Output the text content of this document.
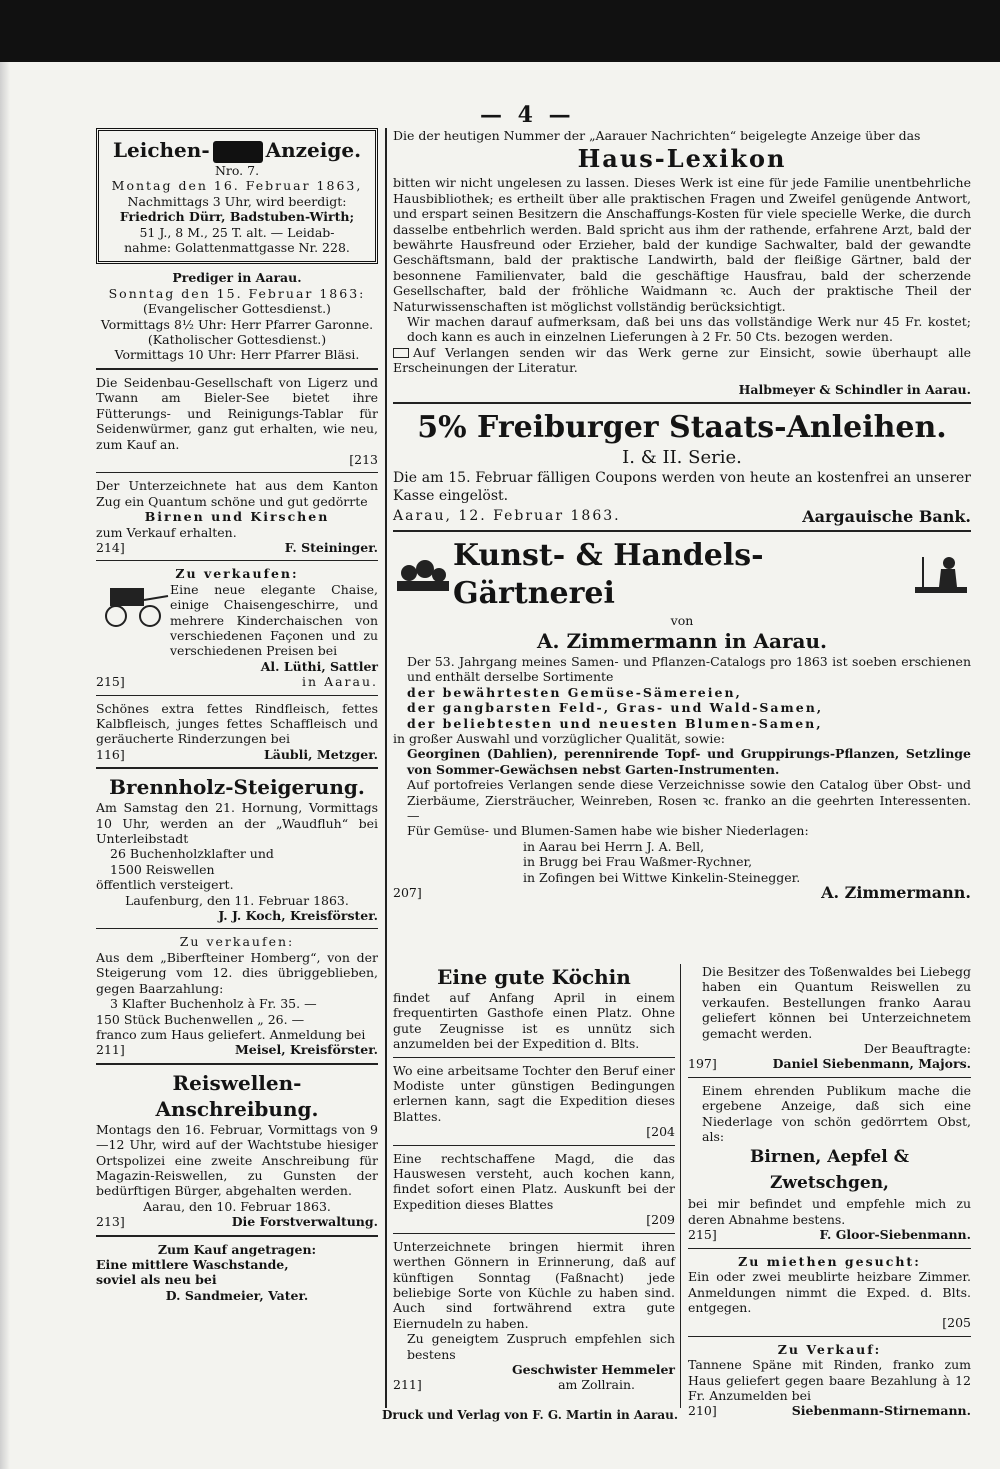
— 4 —

Leichen-	Anzeige.

Nro. 7.

Montag den 16. Februar 1863,

Nachmittags 3 Uhr, wird beerdigt:

Friedrich Dürr, Badstuben-Wirth;

51 J., 8 M., 25 T. alt. — Leidab-

nahme: Golattenmattgasse Nr. 228.

Prediger in Aarau.

Sonntag den 15. Februar 1863:

(Evangelischer Gottesdienst.)

Vormittags 8½ Uhr: Herr Pfarrer Garonne.

(Katholischer Gottesdienst.)

Vormittags 10 Uhr: Herr Pfarrer Bläsi.

Die Seidenbau-Gesellschaft von Ligerz und Twann am Bieler-See bietet ihre Fütterungs- und Reinigungs-Tablar für Seidenwürmer, ganz gut erhalten, wie neu, zum Kauf an.

[213

Der Unterzeichnete hat aus dem Kanton Zug ein Quantum schöne und gut gedörrte

Birnen und Kirschen

zum Verkauf erhalten.

214]	F. Steininger.

Zu verkaufen:

Eine neue elegante Chaise, einige Chaisengeschirre, und mehrere Kinderchaischen von verschiedenen Façonen und zu verschiedenen Preisen bei

Al. Lüthi, Sattler

215]	in Aarau.

Schönes extra fettes Rindfleisch, fettes Kalbfleisch, junges fettes Schaffleisch und geräucherte Rinderzungen bei

116]	Läubli, Metzger.

Brennholz-Steigerung.

Am Samstag den 21. Hornung, Vormittags 10 Uhr, werden an der „Waudfluh“ bei Unterleibstadt

26 Buchenholzklafter und

1500 Reiswellen

öffentlich versteigert.

Laufenburg, den 11. Februar 1863.

J. J. Koch, Kreisförster.

Zu verkaufen:

Aus dem „Biberfteiner Homberg“, von der Steigerung vom 12. dies übriggeblieben, gegen Baarzahlung:

3 Klafter Buchenholz à Fr. 35. —

150 Stück Buchenwellen „ 26. —

franco zum Haus geliefert. Anmeldung bei

211]	Meisel, Kreisförster.

Reiswellen-Anschreibung.

Montags den 16. Februar, Vormittags von 9—12 Uhr, wird auf der Wachtstube hiesiger Ortspolizei eine zweite Anschreibung für Magazin-Reiswellen, zu Gunsten der bedürftigen Bürger, abgehalten werden.

Aarau, den 10. Februar 1863.

213]	Die Forstverwaltung.

Zum Kauf angetragen:

Eine mittlere Waschstande,

soviel als neu bei

D. Sandmeier, Vater.

Die der heutigen Nummer der „Aarauer Nachrichten“ beigelegte Anzeige über das

Haus-Lexikon

bitten wir nicht ungelesen zu lassen. Dieses Werk ist eine für jede Familie unentbehrliche Hausbibliothek; es ertheilt über alle praktischen Fragen und Zweifel genügende Antwort, und erspart seinen Besitzern die Anschaffungs-Kosten für viele specielle Werke, die durch dasselbe entbehrlich werden. Bald spricht aus ihm der rathende, erfahrene Arzt, bald der bewährte Hausfreund oder Erzieher, bald der kundige Sachwalter, bald der gewandte Geschäftsmann, bald der praktische Landwirth, bald der fleißige Gärtner, bald der besonnene Familienvater, bald die geschäftige Hausfrau, bald der scherzende Gesellschafter, bald der fröhliche Waidmann ꝛc. Auch der praktische Theil der Naturwissenschaften ist möglichst vollständig berücksichtigt.

Wir machen darauf aufmerksam, daß bei uns das vollständige Werk nur 45 Fr. kostet; doch kann es auch in einzelnen Lieferungen à 2 Fr. 50 Cts. bezogen werden.

Auf Verlangen senden wir das Werk gerne zur Einsicht, sowie überhaupt alle Erscheinungen der Literatur.

Halbmeyer & Schindler in Aarau.

5% Freiburger Staats-Anleihen.

I. & II. Serie.

Die am 15. Februar fälligen Coupons werden von heute an kostenfrei an unserer Kasse eingelöst.

Aarau, 12. Februar 1863.	Aargauische Bank.

Kunst- & Handels-Gärtnerei

von

A. Zimmermann in Aarau.

Der 53. Jahrgang meines Samen- und Pflanzen-Catalogs pro 1863 ist soeben erschienen und enthält derselbe Sortimente

der bewährtesten Gemüse-Sämereien,

der gangbarsten Feld-, Gras- und Wald-Samen,

der beliebtesten und neuesten Blumen-Samen,

in großer Auswahl und vorzüglicher Qualität, sowie:

Georginen (Dahlien), perennirende Topf- und Gruppirungs-Pflanzen, Setzlinge von Sommer-Gewächsen nebst Garten-Instrumenten.

Auf portofreies Verlangen sende diese Verzeichnisse sowie den Catalog über Obst- und Zierbäume, Ziersträucher, Weinreben, Rosen ꝛc. franko an die geehrten Interessenten. —

Für Gemüse- und Blumen-Samen habe wie bisher Niederlagen:

in Aarau bei Herrn J. A. Bell,

in Brugg bei Frau Waßmer-Rychner,

in Zofingen bei Wittwe Kinkelin-Steinegger.

207]	A. Zimmermann.

Eine gute Köchin

findet auf Anfang April in einem frequentirten Gasthofe einen Platz. Ohne gute Zeugnisse ist es unnütz sich anzumelden bei der Expedition d. Blts.

Wo eine arbeitsame Tochter den Beruf einer Modiste unter günstigen Bedingungen erlernen kann, sagt die Expedition dieses Blattes.

[204

Eine rechtschaffene Magd, die das Hauswesen versteht, auch kochen kann, findet sofort einen Platz. Auskunft bei der Expedition dieses Blattes

[209

Unterzeichnete bringen hiermit ihren werthen Gönnern in Erinnerung, daß auf künftigen Sonntag (Faßnacht) jede beliebige Sorte von Küchle zu haben sind. Auch sind fortwährend extra gute Eiernudeln zu haben.

Zu geneigtem Zuspruch empfehlen sich bestens

Geschwister Hemmeler

211]	am Zollrain.

Die Besitzer des Toßenwaldes bei Liebegg haben ein Quantum Reiswellen zu verkaufen. Bestellungen franko Aarau geliefert können bei Unterzeichnetem gemacht werden.

Der Beauftragte:

197]	Daniel Siebenmann, Majors.

Einem ehrenden Publikum mache die ergebene Anzeige, daß sich eine Niederlage von schön gedörrtem Obst, als:

Birnen, Aepfel & Zwetschgen,

bei mir befindet und empfehle mich zu deren Abnahme bestens.

215]	F. Gloor-Siebenmann.

Zu miethen gesucht:

Ein oder zwei meublirte heizbare Zimmer. Anmeldungen nimmt die Exped. d. Blts. entgegen.

[205

Zu Verkauf:

Tannene Späne mit Rinden, franko zum Haus geliefert gegen baare Bezahlung à 12 Fr. Anzumelden bei

210]	Siebenmann-Stirnemann.

Druck und Verlag von F. G. Martin in Aarau.
